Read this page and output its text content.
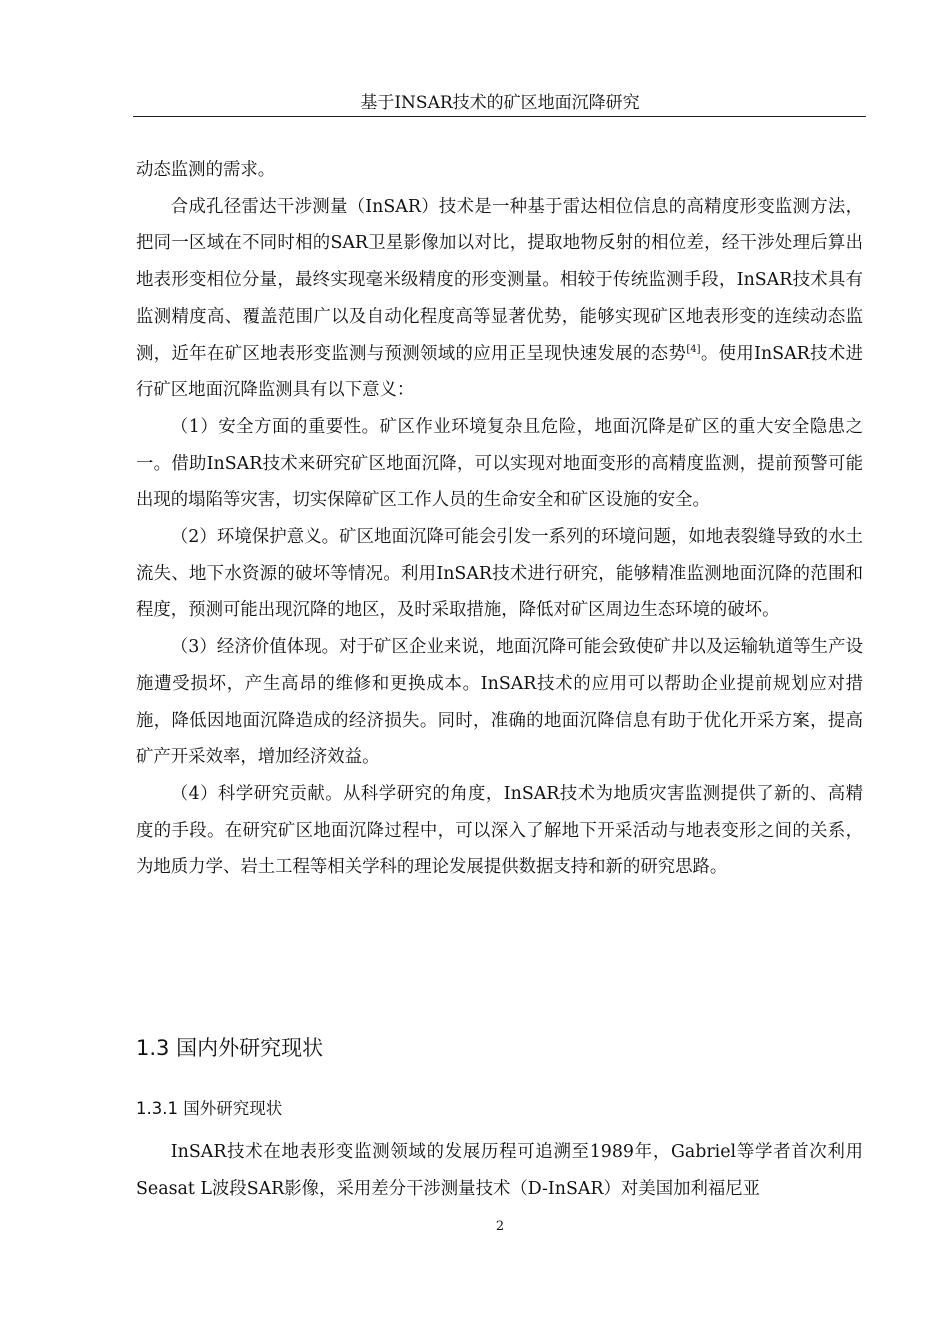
基于INSAR技术的矿区地面沉降研究

动态监测的需求。

合成孔径雷达干涉测量（InSAR）技术是一种基于雷达相位信息的高精度形变监测方法，把同一区域在不同时相的SAR卫星影像加以对比，提取地物反射的相位差，经干涉处理后算出地表形变相位分量，最终实现毫米级精度的形变测量。相较于传统监测手段，InSAR技术具有监测精度高、覆盖范围广以及自动化程度高等显著优势，能够实现矿区地表形变的连续动态监测，近年在矿区地表形变监测与预测领域的应用正呈现快速发展的态势[4]。使用InSAR技术进行矿区地面沉降监测具有以下意义：

（1）安全方面的重要性。矿区作业环境复杂且危险，地面沉降是矿区的重大安全隐患之一。借助InSAR技术来研究矿区地面沉降，可以实现对地面变形的高精度监测，提前预警可能出现的塌陷等灾害，切实保障矿区工作人员的生命安全和矿区设施的安全。

（2）环境保护意义。矿区地面沉降可能会引发一系列的环境问题，如地表裂缝导致的水土流失、地下水资源的破坏等情况。利用InSAR技术进行研究，能够精准监测地面沉降的范围和程度，预测可能出现沉降的地区，及时采取措施，降低对矿区周边生态环境的破坏。

（3）经济价值体现。对于矿区企业来说，地面沉降可能会致使矿井以及运输轨道等生产设施遭受损坏，产生高昂的维修和更换成本。InSAR技术的应用可以帮助企业提前规划应对措施，降低因地面沉降造成的经济损失。同时，准确的地面沉降信息有助于优化开采方案，提高矿产开采效率，增加经济效益。

（4）科学研究贡献。从科学研究的角度，InSAR技术为地质灾害监测提供了新的、高精度的手段。在研究矿区地面沉降过程中，可以深入了解地下开采活动与地表变形之间的关系，为地质力学、岩土工程等相关学科的理论发展提供数据支持和新的研究思路。

1.3 国内外研究现状
1.3.1 国外研究现状

InSAR技术在地表形变监测领域的发展历程可追溯至1989年，Gabriel等学者首次利用Seasat L波段SAR影像，采用差分干涉测量技术（D-InSAR）对美国加利福尼亚

2
